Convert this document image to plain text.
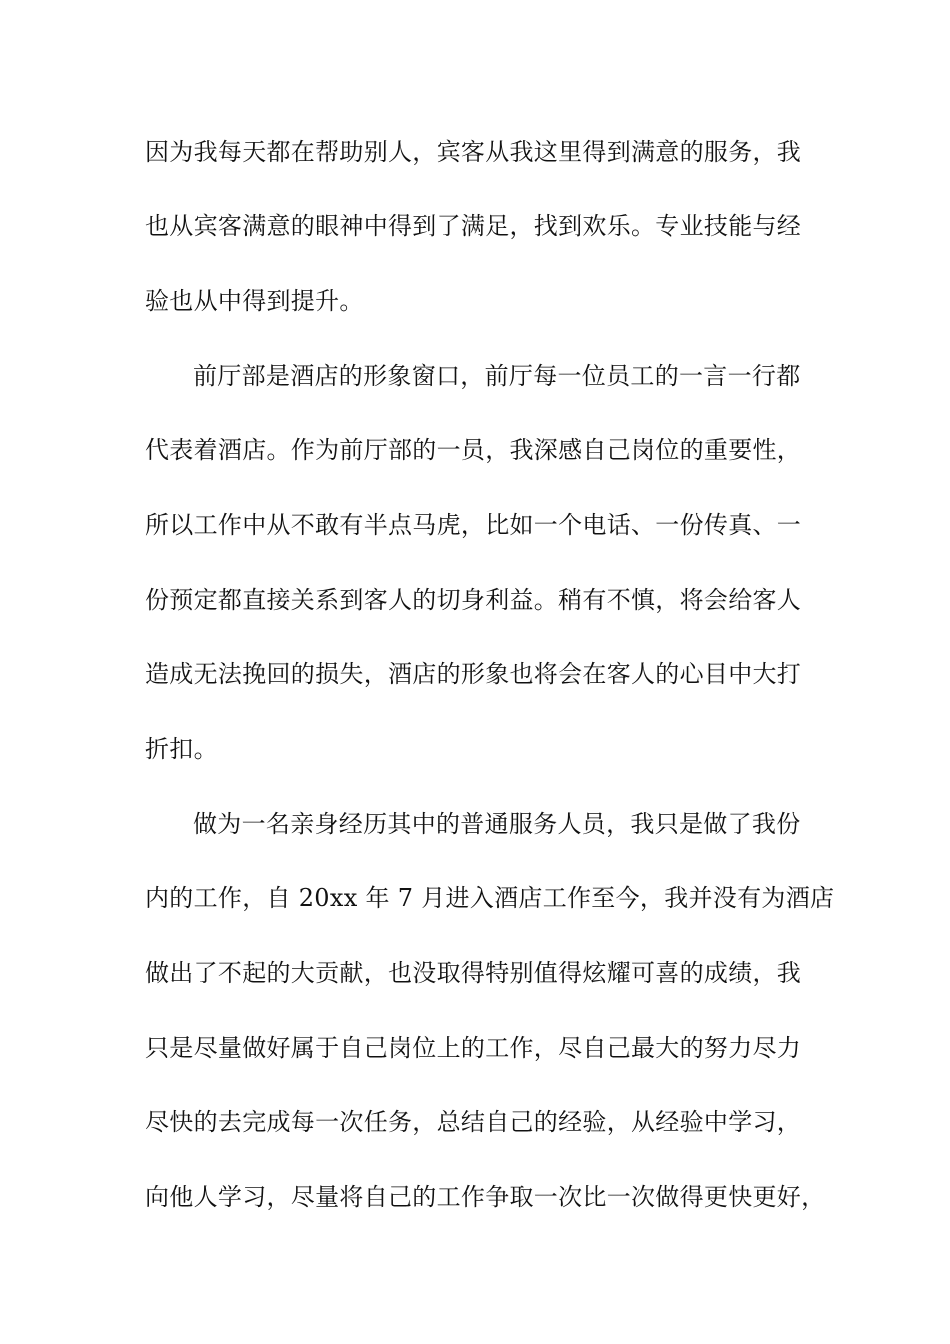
因为我每天都在帮助别人，宾客从我这里得到满意的服务，我
也从宾客满意的眼神中得到了满足，找到欢乐。专业技能与经
验也从中得到提升。
前厅部是酒店的形象窗口，前厅每一位员工的一言一行都
代表着酒店。作为前厅部的一员，我深感自己岗位的重要性，
所以工作中从不敢有半点马虎，比如一个电话、一份传真、一
份预定都直接关系到客人的切身利益。稍有不慎，将会给客人
造成无法挽回的损失，酒店的形象也将会在客人的心目中大打
折扣。
做为一名亲身经历其中的普通服务人员，我只是做了我份
内的工作，自 20xx 年 7 月进入酒店工作至今，我并没有为酒店
做出了不起的大贡献，也没取得特别值得炫耀可喜的成绩，我
只是尽量做好属于自己岗位上的工作，尽自己最大的努力尽力
尽快的去完成每一次任务，总结自己的经验，从经验中学习，
向他人学习，尽量将自己的工作争取一次比一次做得更快更好，
